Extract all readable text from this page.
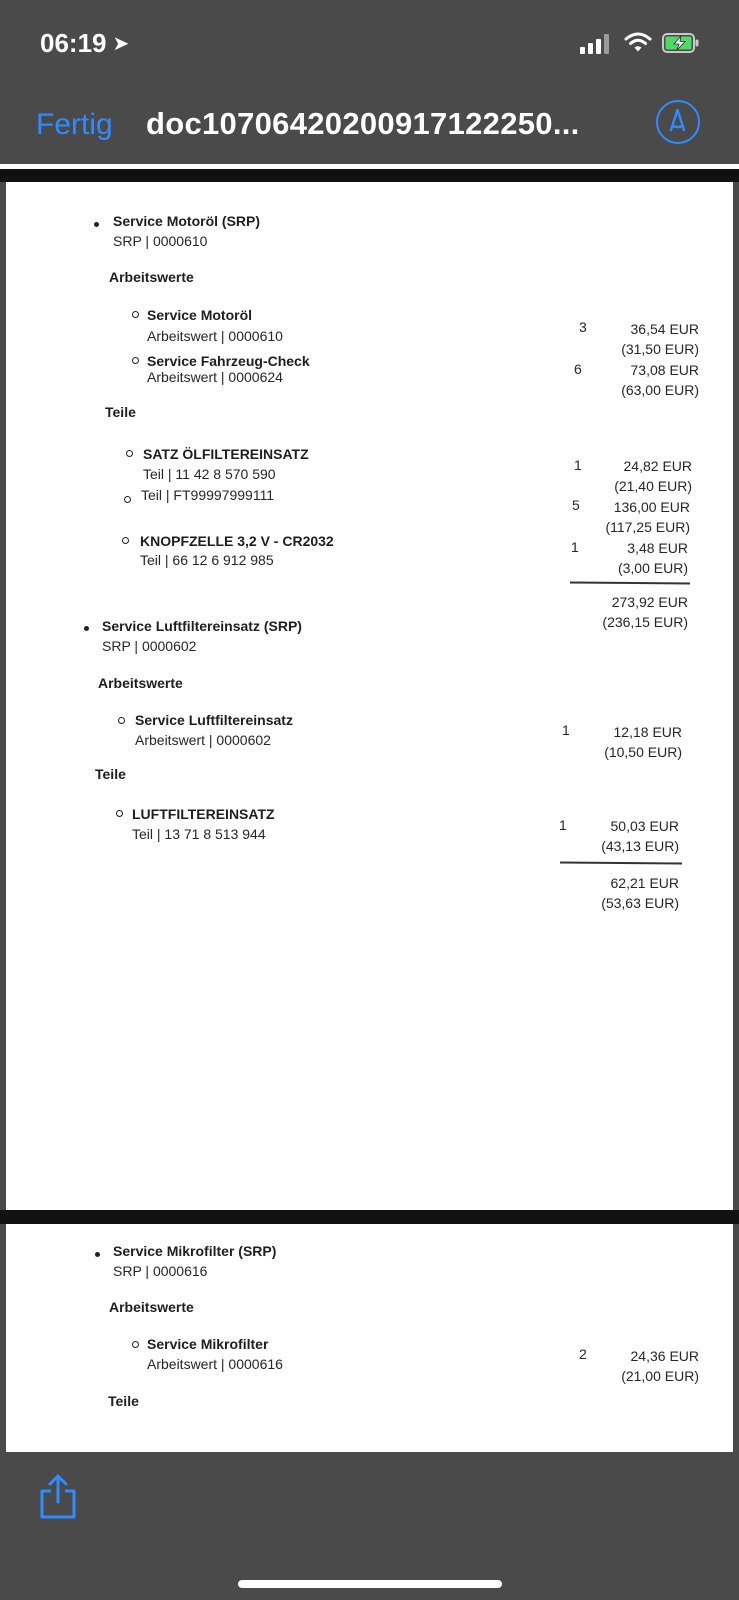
06:19 ➤
Fertig doc10706420200917122250...
Service Motoröl (SRP)
SRP | 0000610
Arbeitswerte
Service Motoröl
Arbeitswert | 0000610
3	36,54 EUR
(31,50 EUR)
Service Fahrzeug-Check
Arbeitswert | 0000624	6	73,08 EUR
(63,00 EUR)
Teile
SATZ ÖLFILTEREINSATZ
Teil | 11 42 8 570 590
1	24,82 EUR
(21,40 EUR)
Teil | FT99997999111
5	136,00 EUR
(117,25 EUR)
KNOPFZELLE 3,2 V - CR2032
Teil | 66 12 6 912 985
1	3,48 EUR
(3,00 EUR)
273,92 EUR
(236,15 EUR)
Service Luftfiltereinsatz (SRP)
SRP | 0000602
Arbeitswerte
Service Luftfiltereinsatz
Arbeitswert | 0000602
1	12,18 EUR
(10,50 EUR)
Teile
LUFTFILTEREINSATZ
Teil | 13 71 8 513 944
1	50,03 EUR
(43,13 EUR)
62,21 EUR
(53,63 EUR)
Service Mikrofilter (SRP)
SRP | 0000616
Arbeitswerte
Service Mikrofilter
Arbeitswert | 0000616
2	24,36 EUR
(21,00 EUR)
Teile
